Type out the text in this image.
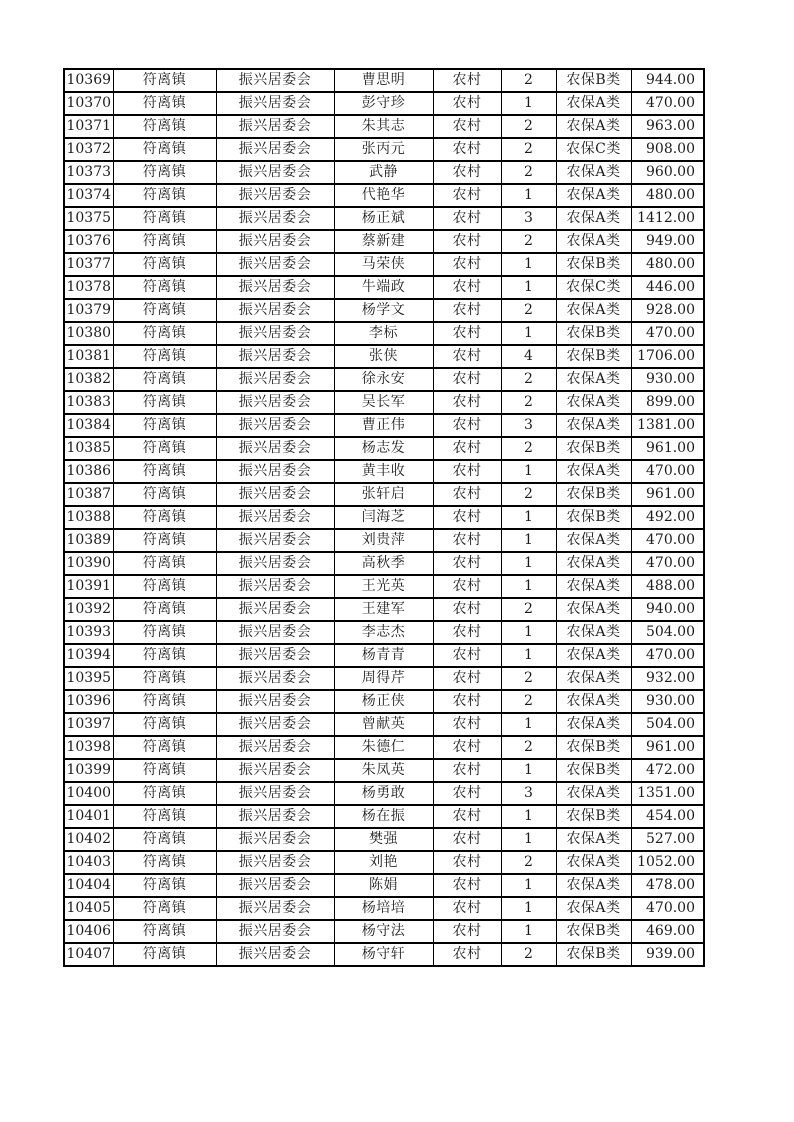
10369	符离镇	振兴居委会	曹思明	农村	2	农保B类	944.00
10370	符离镇	振兴居委会	彭守珍	农村	1	农保A类	470.00
10371	符离镇	振兴居委会	朱其志	农村	2	农保A类	963.00
10372	符离镇	振兴居委会	张丙元	农村	2	农保C类	908.00
10373	符离镇	振兴居委会	武静	农村	2	农保A类	960.00
10374	符离镇	振兴居委会	代艳华	农村	1	农保A类	480.00
10375	符离镇	振兴居委会	杨正斌	农村	3	农保A类	1412.00
10376	符离镇	振兴居委会	蔡新建	农村	2	农保A类	949.00
10377	符离镇	振兴居委会	马荣侠	农村	1	农保B类	480.00
10378	符离镇	振兴居委会	牛端政	农村	1	农保C类	446.00
10379	符离镇	振兴居委会	杨学文	农村	2	农保A类	928.00
10380	符离镇	振兴居委会	李标	农村	1	农保B类	470.00
10381	符离镇	振兴居委会	张侠	农村	4	农保B类	1706.00
10382	符离镇	振兴居委会	徐永安	农村	2	农保A类	930.00
10383	符离镇	振兴居委会	吴长军	农村	2	农保A类	899.00
10384	符离镇	振兴居委会	曹正伟	农村	3	农保A类	1381.00
10385	符离镇	振兴居委会	杨志发	农村	2	农保B类	961.00
10386	符离镇	振兴居委会	黄丰收	农村	1	农保A类	470.00
10387	符离镇	振兴居委会	张轩启	农村	2	农保B类	961.00
10388	符离镇	振兴居委会	闫海芝	农村	1	农保B类	492.00
10389	符离镇	振兴居委会	刘贵萍	农村	1	农保A类	470.00
10390	符离镇	振兴居委会	高秋季	农村	1	农保A类	470.00
10391	符离镇	振兴居委会	王光英	农村	1	农保A类	488.00
10392	符离镇	振兴居委会	王建军	农村	2	农保A类	940.00
10393	符离镇	振兴居委会	李志杰	农村	1	农保A类	504.00
10394	符离镇	振兴居委会	杨青青	农村	1	农保A类	470.00
10395	符离镇	振兴居委会	周得芹	农村	2	农保A类	932.00
10396	符离镇	振兴居委会	杨正侠	农村	2	农保A类	930.00
10397	符离镇	振兴居委会	曾献英	农村	1	农保A类	504.00
10398	符离镇	振兴居委会	朱德仁	农村	2	农保B类	961.00
10399	符离镇	振兴居委会	朱凤英	农村	1	农保B类	472.00
10400	符离镇	振兴居委会	杨勇敢	农村	3	农保A类	1351.00
10401	符离镇	振兴居委会	杨在振	农村	1	农保B类	454.00
10402	符离镇	振兴居委会	樊强	农村	1	农保A类	527.00
10403	符离镇	振兴居委会	刘艳	农村	2	农保A类	1052.00
10404	符离镇	振兴居委会	陈娟	农村	1	农保A类	478.00
10405	符离镇	振兴居委会	杨培培	农村	1	农保A类	470.00
10406	符离镇	振兴居委会	杨守法	农村	1	农保B类	469.00
10407	符离镇	振兴居委会	杨守轩	农村	2	农保B类	939.00
